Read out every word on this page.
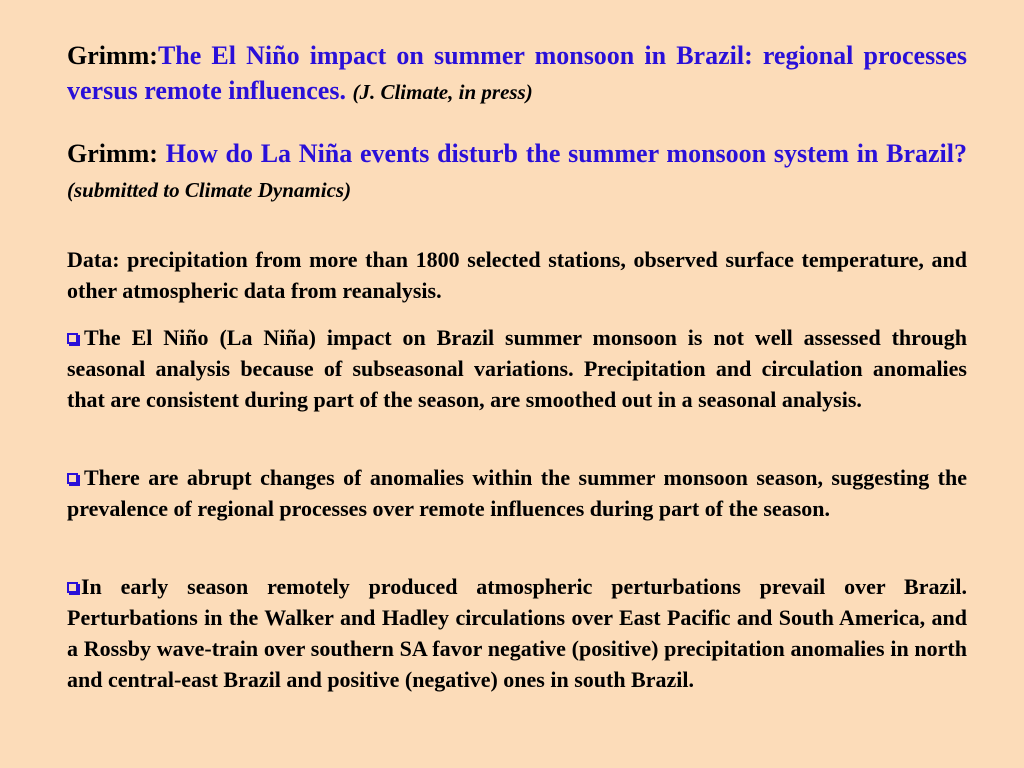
Grimm:The El Niño impact on summer monsoon in Brazil: regional processes versus remote influences. (J. Climate, in press)

Grimm: How do La Niña events disturb the summer monsoon system in Brazil? (submitted to Climate Dynamics)

Data: precipitation from more than 1800 selected stations, observed surface temperature, and other atmospheric data from reanalysis.

The El Niño (La Niña) impact on Brazil summer monsoon is not well assessed through seasonal analysis because of subseasonal variations. Precipitation and circulation anomalies that are consistent during part of the season, are smoothed out in a seasonal analysis.

There are abrupt changes of anomalies within the summer monsoon season, suggesting the prevalence of regional processes over remote influences during part of the season.

In early season remotely produced atmospheric perturbations prevail over Brazil. Perturbations in the Walker and Hadley circulations over East Pacific and South America, and a Rossby wave-train over southern SA favor negative (positive) precipitation anomalies in north and central-east Brazil and positive (negative) ones in south Brazil.
